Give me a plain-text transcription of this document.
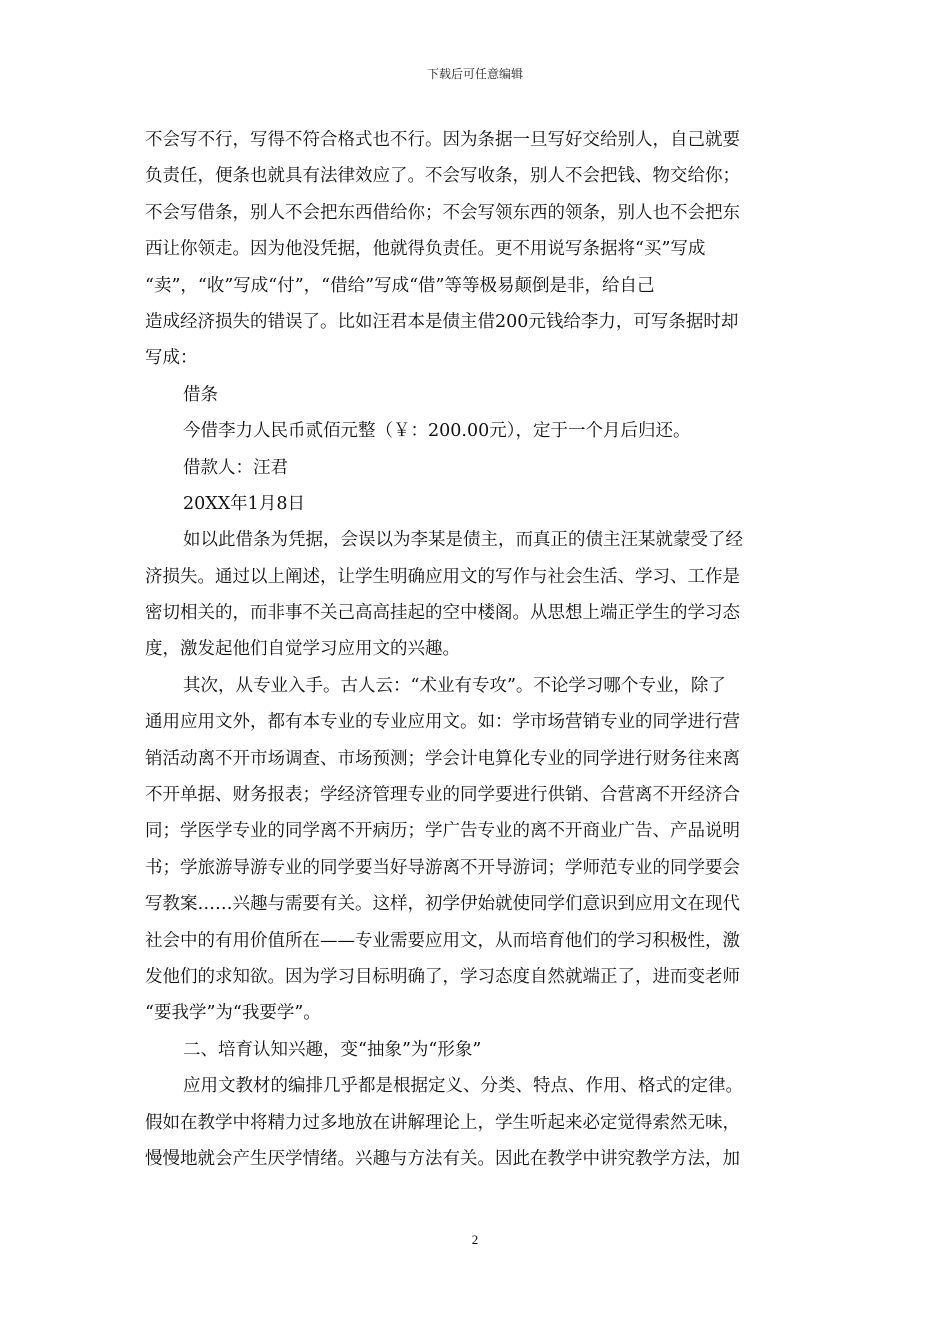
下载后可任意编辑
不会写不行，写得不符合格式也不行。因为条据一旦写好交给别人，自己就要
负责任，便条也就具有法律效应了。不会写收条，别人不会把钱、物交给你；
不会写借条，别人不会把东西借给你；不会写领东西的领条，别人也不会把东
西让你领走。因为他没凭据，他就得负责任。更不用说写条据将“买”写成
“卖”，“收”写成“付”，“借给”写成“借”等等极易颠倒是非，给自己
造成经济损失的错误了。比如汪君本是债主借200元钱给李力，可写条据时却
写成：
借条
今借李力人民币贰佰元整（￥：200.00元），定于一个月后归还。
借款人：汪君
20XX年1月8日
如以此借条为凭据，会误以为李某是债主，而真正的债主汪某就蒙受了经
济损失。通过以上阐述，让学生明确应用文的写作与社会生活、学习、工作是
密切相关的，而非事不关己高高挂起的空中楼阁。从思想上端正学生的学习态
度，激发起他们自觉学习应用文的兴趣。
其次，从专业入手。古人云：“术业有专攻”。不论学习哪个专业，除了
通用应用文外，都有本专业的专业应用文。如：学市场营销专业的同学进行营
销活动离不开市场调查、市场预测；学会计电算化专业的同学进行财务往来离
不开单据、财务报表；学经济管理专业的同学要进行供销、合营离不开经济合
同；学医学专业的同学离不开病历；学广告专业的离不开商业广告、产品说明
书；学旅游导游专业的同学要当好导游离不开导游词；学师范专业的同学要会
写教案……兴趣与需要有关。这样，初学伊始就使同学们意识到应用文在现代
社会中的有用价值所在——专业需要应用文，从而培育他们的学习积极性，激
发他们的求知欲。因为学习目标明确了，学习态度自然就端正了，进而变老师
“要我学”为“我要学”。
二、培育认知兴趣，变“抽象”为“形象”
应用文教材的编排几乎都是根据定义、分类、特点、作用、格式的定律。
假如在教学中将精力过多地放在讲解理论上，学生听起来必定觉得索然无味，
慢慢地就会产生厌学情绪。兴趣与方法有关。因此在教学中讲究教学方法，加
2
